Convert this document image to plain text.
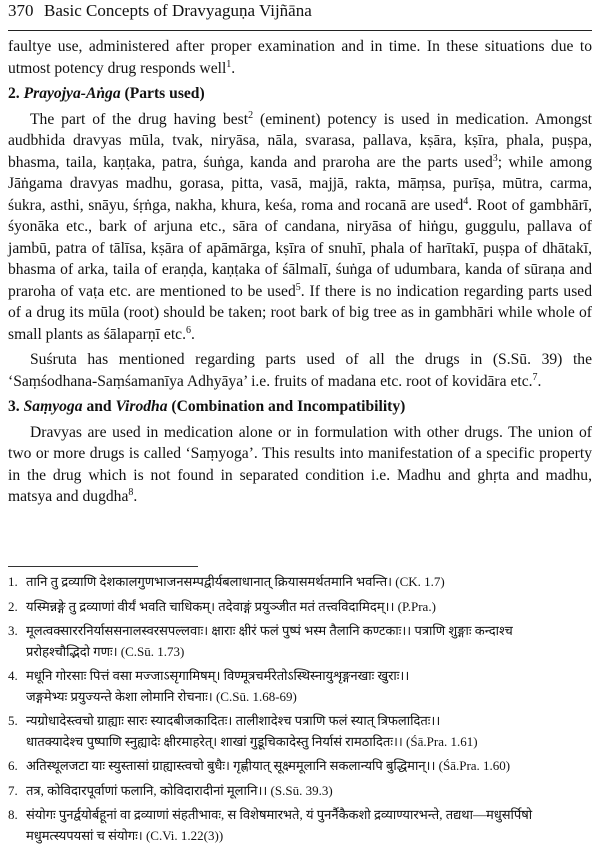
370 Basic Concepts of Dravyaguṇa Vijñāna

faultye use, administered after proper examination and in time. In these situations due to utmost potency drug responds well$^1$.

2. Prayojya-Aṅga (Parts used)

The part of the drug having best$^2$ (eminent) potency is used in medication. Amongst audbhida dravyas mūla, tvak, niryāsa, nāla, svarasa, pallava, kṣāra, kṣīra, phala, puṣpa, bhasma, taila, kaṇṭaka, patra, śuṅga, kanda and praroha are the parts used$^3$; while among Jāṅgama dravyas madhu, gorasa, pitta, vasā, majjā, rakta, māṃsa, purīṣa, mūtra, carma, śukra, asthi, snāyu, śṛṅga, nakha, khura, keśa, roma and rocanā are used$^4$. Root of gambhārī, śyonāka etc., bark of arjuna etc., sāra of candana, niryāsa of hiṅgu, guggulu, pallava of jambū, patra of tālīsa, kṣāra of apāmārga, kṣīra of snuhī, phala of harītakī, puṣpa of dhātakī, bhasma of arka, taila of eraṇḍa, kaṇṭaka of śālmalī, śuṅga of udumbara, kanda of sūraṇa and praroha of vaṭa etc. are mentioned to be used$^5$. If there is no indication regarding parts used of a drug its mūla (root) should be taken; root bark of big tree as in gambhāri while whole of small plants as śālaparṇī etc.$^6$.

Suśruta has mentioned regarding parts used of all the drugs in (S.Sū. 39) the ‘Saṃśodhana-Saṃśamanīya Adhyāya’ i.e. fruits of madana etc. root of kovidāra etc.$^7$.

3. Saṃyoga and Virodha (Combination and Incompatibility)

Dravyas are used in medication alone or in formulation with other drugs. The union of two or more drugs is called ‘Saṃyoga’. This results into manifestation of a specific property in the drug which is not found in separated condition i.e. Madhu and ghṛta and madhu, matsya and dugdha$^8$.

1. तानि तु द्रव्याणि देशकालगुणभाजनसम्पद्वीर्यबलाधानात् क्रियासमर्थतमानि भवन्ति। (CK. 1.7)
2. यस्मिन्नङ्गे तु द्रव्याणां वीर्यं भवति चाधिकम्। तदेवाङ्गं प्रयुञ्जीत मतं तत्त्वविदामिदम्।। (P.Pra.)
3. मूलत्वक्साररनिर्याससनालस्वरसपल्लवाः। क्षाराः क्षीरं फलं पुष्पं भस्म तैलानि कण्टकाः।। पत्राणि शुङ्गाः कन्दाश्च
प्ररोहश्चौद्भिदो गणः। (C.Sū. 1.73)
4. मधूनि गोरसाः पित्तं वसा मज्जाऽसृगामिषम्। विण्मूत्रचर्मरेतोऽस्थिस्नायुशृङ्गनखाः खुराः।।
जङ्गमेभ्यः प्रयुज्यन्ते केशा लोमानि रोचनाः। (C.Sū. 1.68-69)
5. न्यग्रोधादेस्त्वचो ग्राह्याः सारः स्यादबीजकादितः। तालीशादेश्च पत्राणि फलं स्यात् त्रिफलादितः।।
धातक्यादेश्च पुष्पाणि स्नुह्यादेः क्षीरमाहरेत्। शाखां गुडूचिकादेस्तु निर्यासं रामठादितः।। (Śā.Pra. 1.61)
6. अतिस्थूलजटा याः स्युस्तासां ग्राह्यास्त्वचो बुधैः। गृह्णीयात् सूक्ष्ममूलानि सकलान्यपि बुद्धिमान्।। (Śā.Pra. 1.60)
7. तत्र, कोविदारपूर्वाणां फलानि, कोविदारादीनां मूलानि।। (S.Sū. 39.3)
8. संयोगः पुनर्द्वयोर्बहूनां वा द्रव्याणां संहतीभावः, स विशेषमारभते, यं पुनर्नैकैकशो द्रव्याण्यारभन्ते, तद्यथा—मधुसर्पिषो
मधुमत्स्यपयसां च संयोगः। (C.Vi. 1.22(3))
